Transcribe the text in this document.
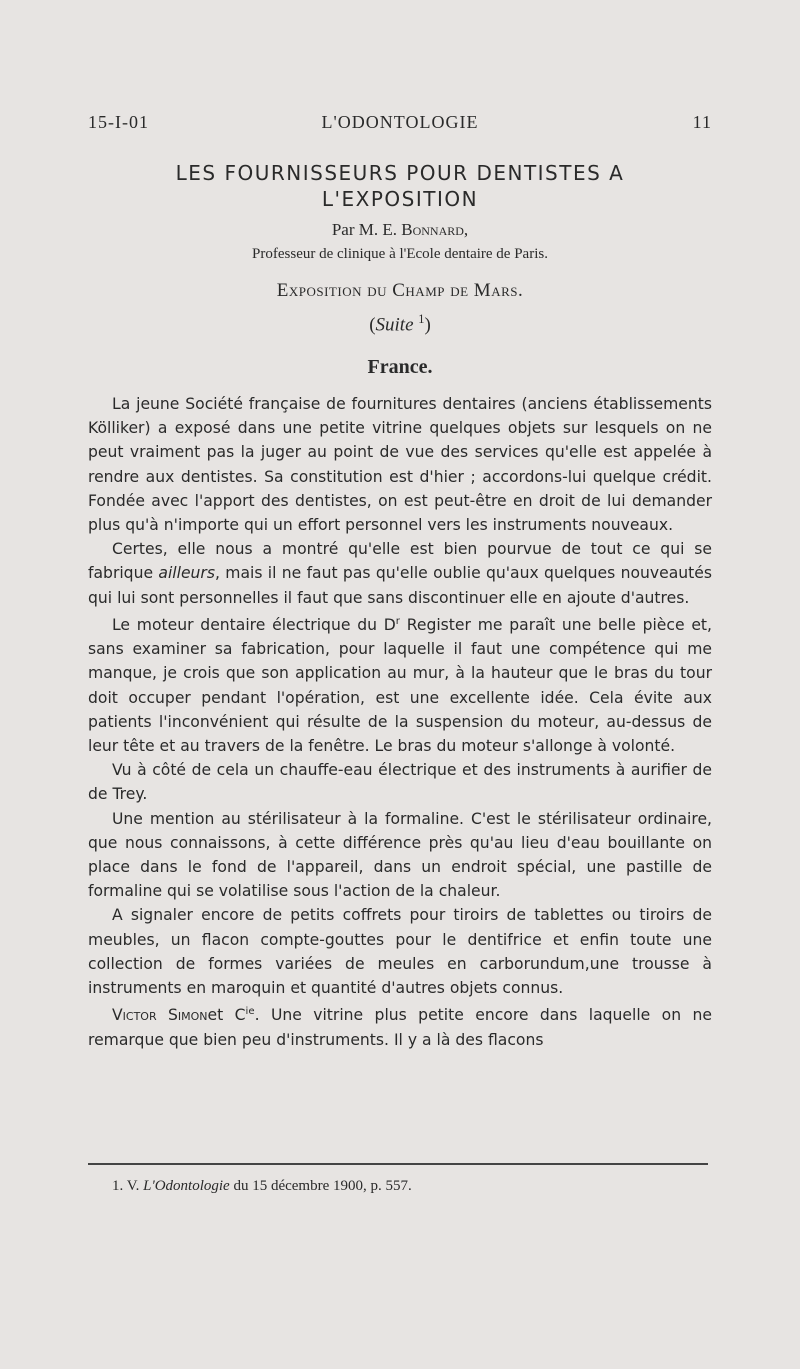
15-I-01	L'ODONTOLOGIE	11
LES FOURNISSEURS POUR DENTISTES A
L'EXPOSITION
Par M. E. Bonnard,
Professeur de clinique à l'Ecole dentaire de Paris.
Exposition du Champ de Mars.
(Suite $^1$)
France.

La jeune Société française de fournitures dentaires (anciens établissements Kölliker) a exposé dans une petite vitrine quelques objets sur lesquels on ne peut vraiment pas la juger au point de vue des services qu'elle est appelée à rendre aux dentistes. Sa constitution est d'hier ; accordons-lui quelque crédit. Fondée avec l'apport des dentistes, on est peut-être en droit de lui demander plus qu'à n'importe qui un effort personnel vers les instruments nouveaux.

Certes, elle nous a montré qu'elle est bien pourvue de tout ce qui se fabrique ailleurs, mais il ne faut pas qu'elle oublie qu'aux quelques nouveautés qui lui sont personnelles il faut que sans discontinuer elle en ajoute d'autres.

Le moteur dentaire électrique du $D^r$ Register me paraît une belle pièce et, sans examiner sa fabrication, pour laquelle il faut une compétence qui me manque, je crois que son application au mur, à la hauteur que le bras du tour doit occuper pendant l'opération, est une excellente idée. Cela évite aux patients l'inconvénient qui résulte de la suspension du moteur, au-dessus de leur tête et au travers de la fenêtre. Le bras du moteur s'allonge à volonté.

Vu à côté de cela un chauffe-eau électrique et des instruments à aurifier de de Trey.

Une mention au stérilisateur à la formaline. C'est le stérilisateur ordinaire, que nous connaissons, à cette différence près qu'au lieu d'eau bouillante on place dans le fond de l'appareil, dans un endroit spécial, une pastille de formaline qui se volatilise sous l'action de la chaleur.

A signaler encore de petits coffrets pour tiroirs de tablettes ou tiroirs de meubles, un flacon compte-gouttes pour le dentifrice et enfin toute une collection de formes variées de meules en carborundum,une trousse à instruments en maroquin et quantité d'autres objets connus.

Victor Simonet $C^{ie}$. Une vitrine plus petite encore dans laquelle on ne remarque que bien peu d'instruments. Il y a là des flacons

1. V. L'Odontologie du 15 décembre 1900, p. 557.
